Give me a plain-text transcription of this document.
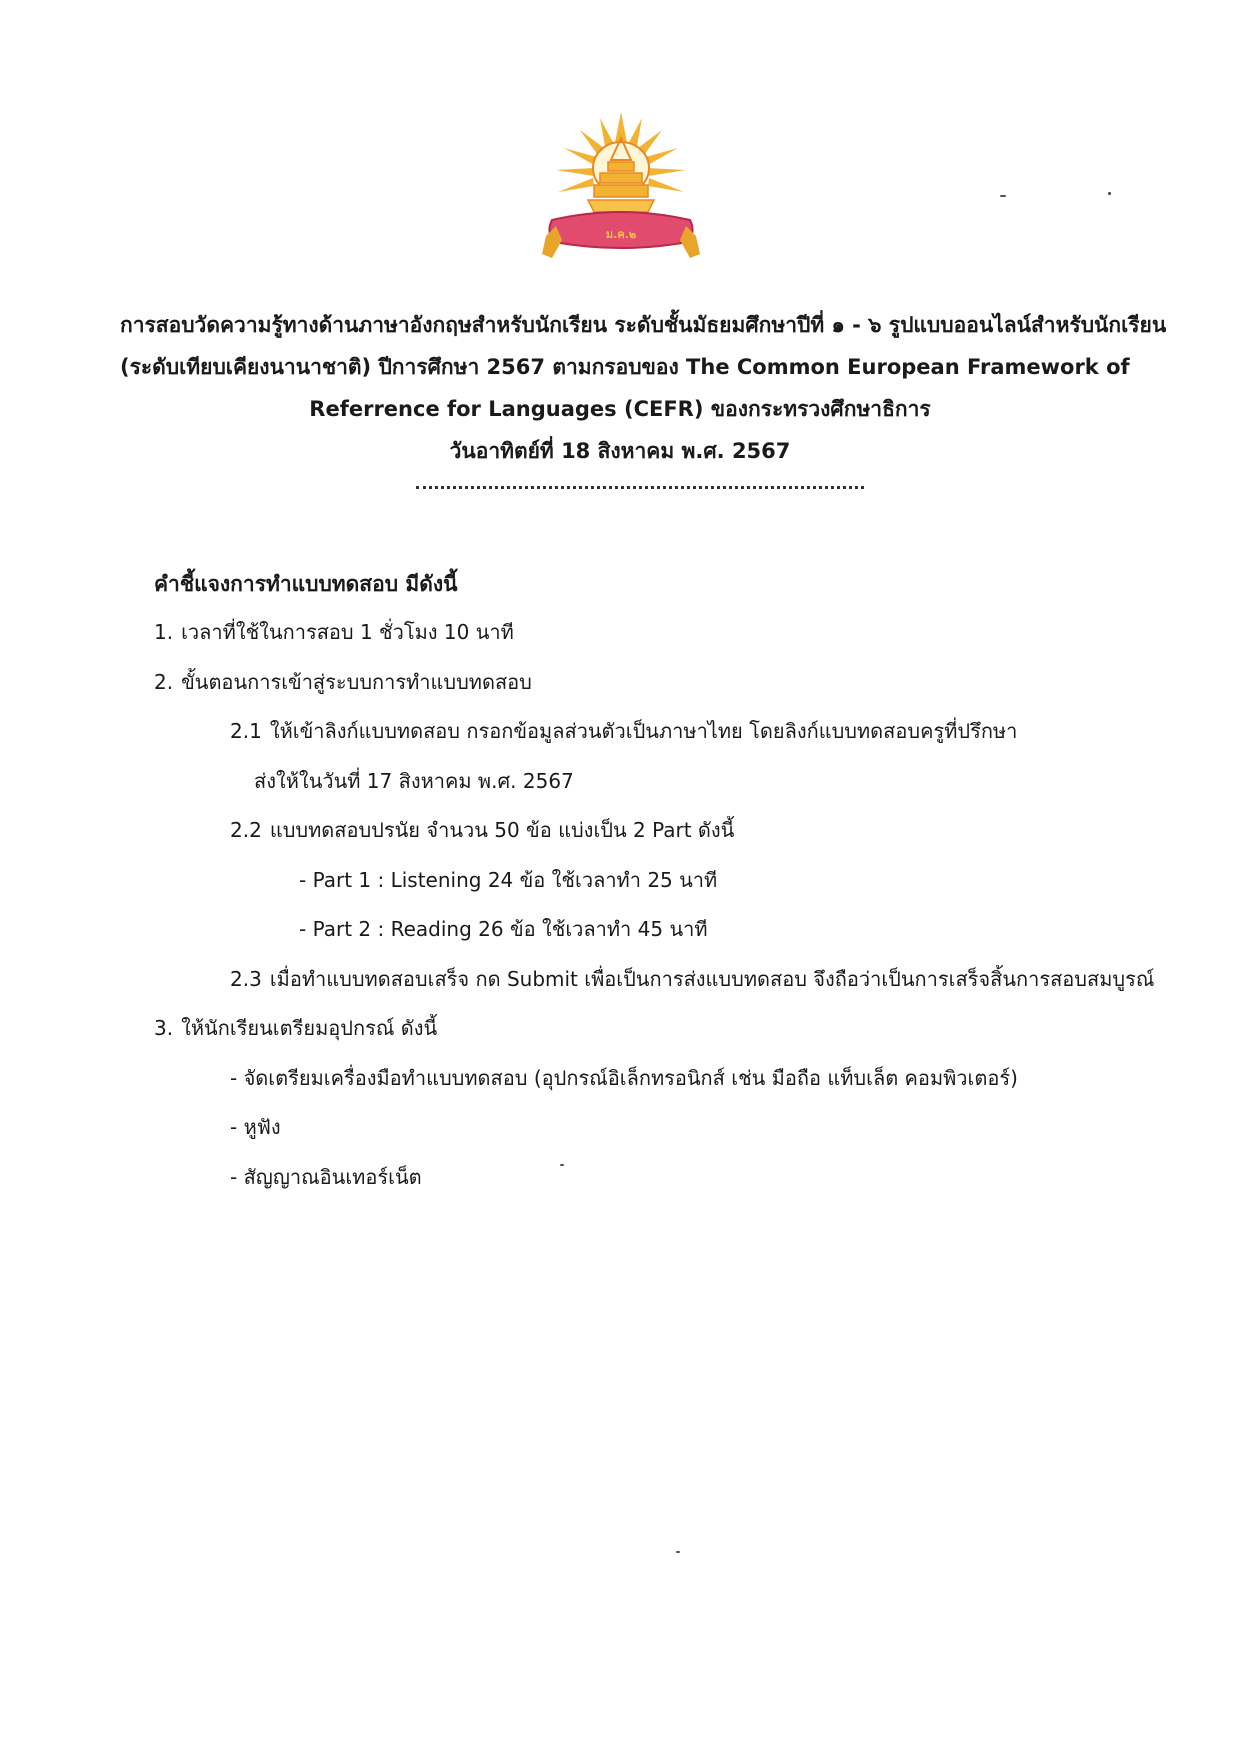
ม.ค.๒
การสอบวัดความรู้ทางด้านภาษาอังกฤษสำหรับนักเรียน ระดับชั้นมัธยมศึกษาปีที่ ๑ - ๖ รูปแบบออนไลน์สำหรับนักเรียน
(ระดับเทียบเคียงนานาชาติ) ปีการศึกษา 2567 ตามกรอบของ The Common European Framework of
Referrence for Languages (CEFR) ของกระทรวงศึกษาธิการ
วันอาทิตย์ที่ 18 สิงหาคม พ.ศ. 2567
คำชี้แจงการทำแบบทดสอบ มีดังนี้
1. เวลาที่ใช้ในการสอบ 1 ชั่วโมง 10 นาที
2. ขั้นตอนการเข้าสู่ระบบการทำแบบทดสอบ
2.1 ให้เข้าลิงก์แบบทดสอบ กรอกข้อมูลส่วนตัวเป็นภาษาไทย โดยลิงก์แบบทดสอบครูที่ปรึกษา
ส่งให้ในวันที่ 17 สิงหาคม พ.ศ. 2567
2.2 แบบทดสอบปรนัย จำนวน 50 ข้อ แบ่งเป็น 2 Part ดังนี้
- Part 1 : Listening 24 ข้อ ใช้เวลาทำ 25 นาที
- Part 2 : Reading 26 ข้อ ใช้เวลาทำ 45 นาที
2.3 เมื่อทำแบบทดสอบเสร็จ กด Submit เพื่อเป็นการส่งแบบทดสอบ จึงถือว่าเป็นการเสร็จสิ้นการสอบสมบูรณ์
3. ให้นักเรียนเตรียมอุปกรณ์ ดังนี้
- จัดเตรียมเครื่องมือทำแบบทดสอบ (อุปกรณ์อิเล็กทรอนิกส์ เช่น มือถือ แท็บเล็ต คอมพิวเตอร์)
- หูฟัง
- สัญญาณอินเทอร์เน็ต
